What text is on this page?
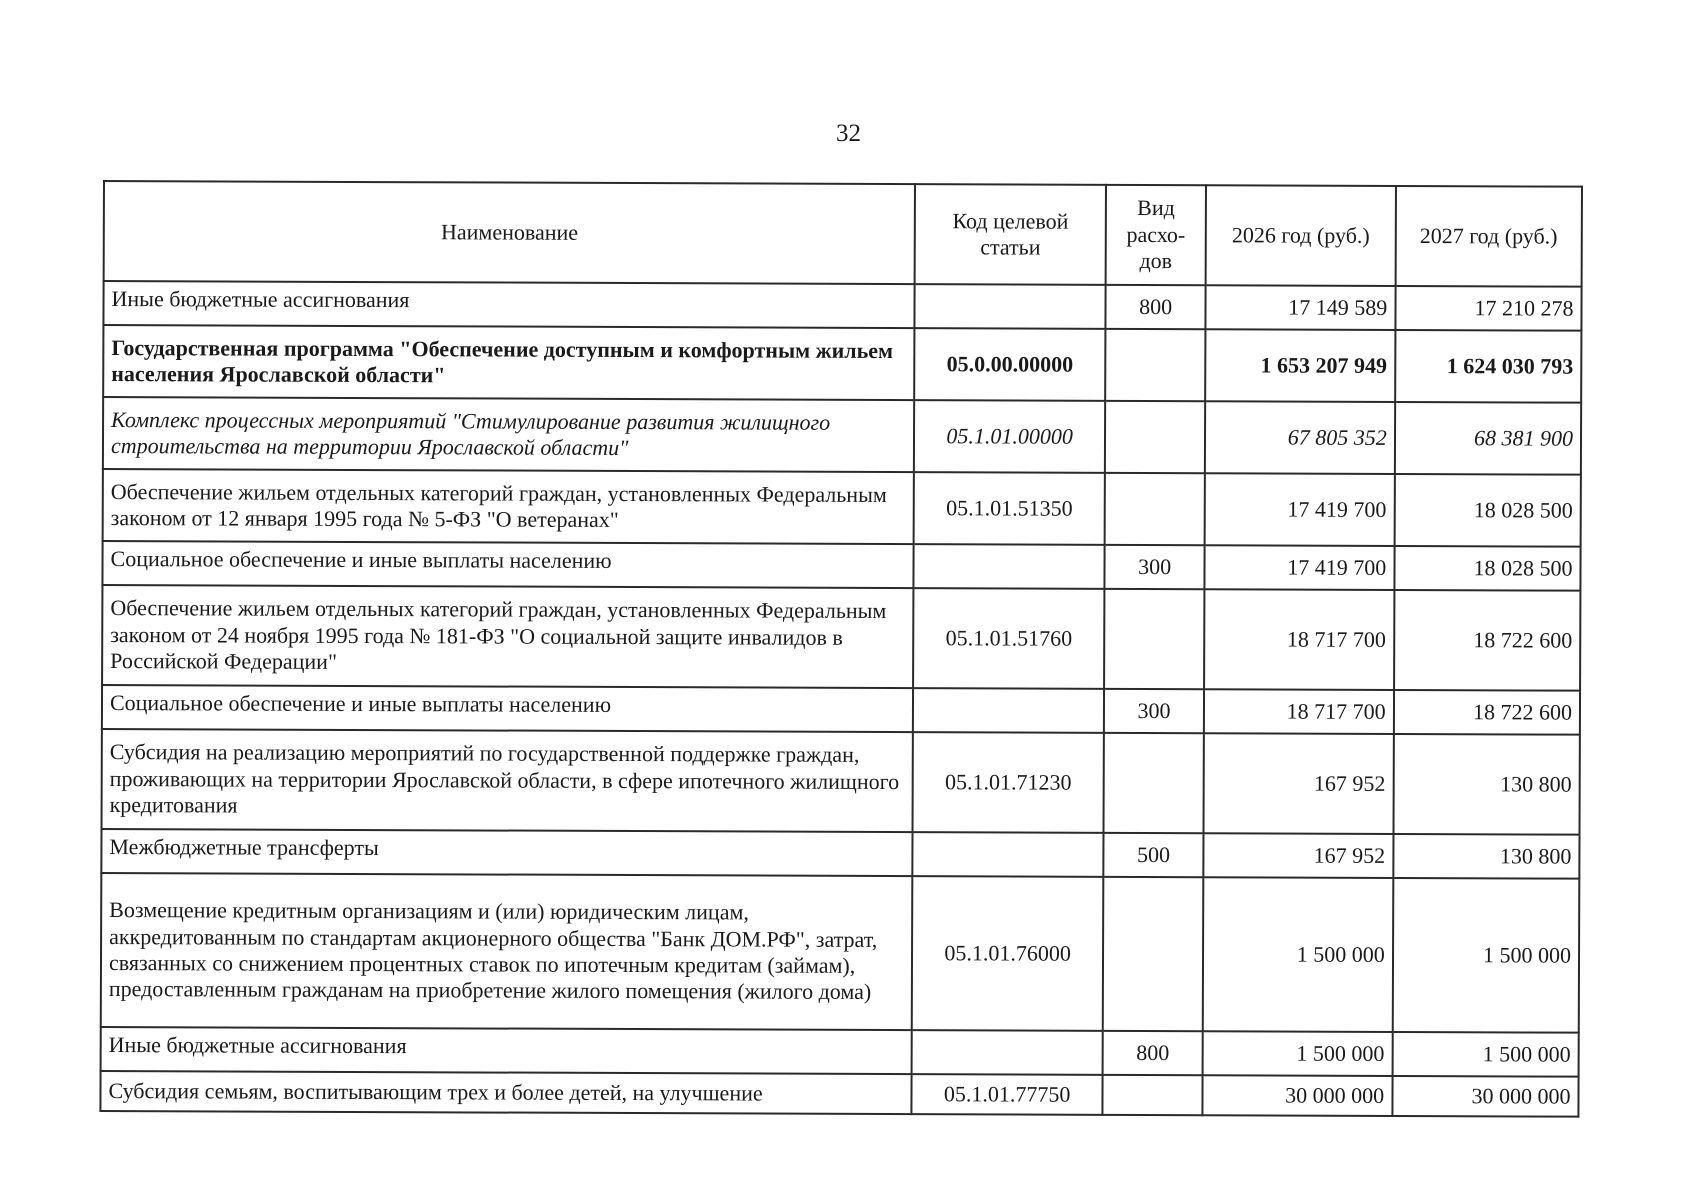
32
Наименование	Код целевой статьи	Вид расхо-дов	2026 год (руб.)	2027 год (руб.)
Иные бюджетные ассигнования		800	17 149 589	17 210 278
Государственная программа "Обеспечение доступным и комфортным жильем населения Ярославской области"	05.0.00.00000		1 653 207 949	1 624 030 793
Комплекс процессных мероприятий "Стимулирование развития жилищного строительства на территории Ярославской области"	05.1.01.00000		67 805 352	68 381 900
Обеспечение жильем отдельных категорий граждан, установленных Федеральным законом от 12 января 1995 года № 5-ФЗ "О ветеранах"	05.1.01.51350		17 419 700	18 028 500
Социальное обеспечение и иные выплаты населению		300	17 419 700	18 028 500
Обеспечение жильем отдельных категорий граждан, установленных Федеральным законом от 24 ноября 1995 года № 181-ФЗ "О социальной защите инвалидов в Российской Федерации"	05.1.01.51760		18 717 700	18 722 600
Социальное обеспечение и иные выплаты населению		300	18 717 700	18 722 600
Субсидия на реализацию мероприятий по государственной поддержке граждан, проживающих на территории Ярославской области, в сфере ипотечного жилищного кредитования	05.1.01.71230		167 952	130 800
Межбюджетные трансферты		500	167 952	130 800
Возмещение кредитным организациям и (или) юридическим лицам, аккредитованным по стандартам акционерного общества "Банк ДОМ.РФ", затрат, связанных со снижением процентных ставок по ипотечным кредитам (займам), предоставленным гражданам на приобретение жилого помещения (жилого дома)	05.1.01.76000		1 500 000	1 500 000
Иные бюджетные ассигнования		800	1 500 000	1 500 000
Субсидия семьям, воспитывающим трех и более детей, на улучшение	05.1.01.77750		30 000 000	30 000 000
